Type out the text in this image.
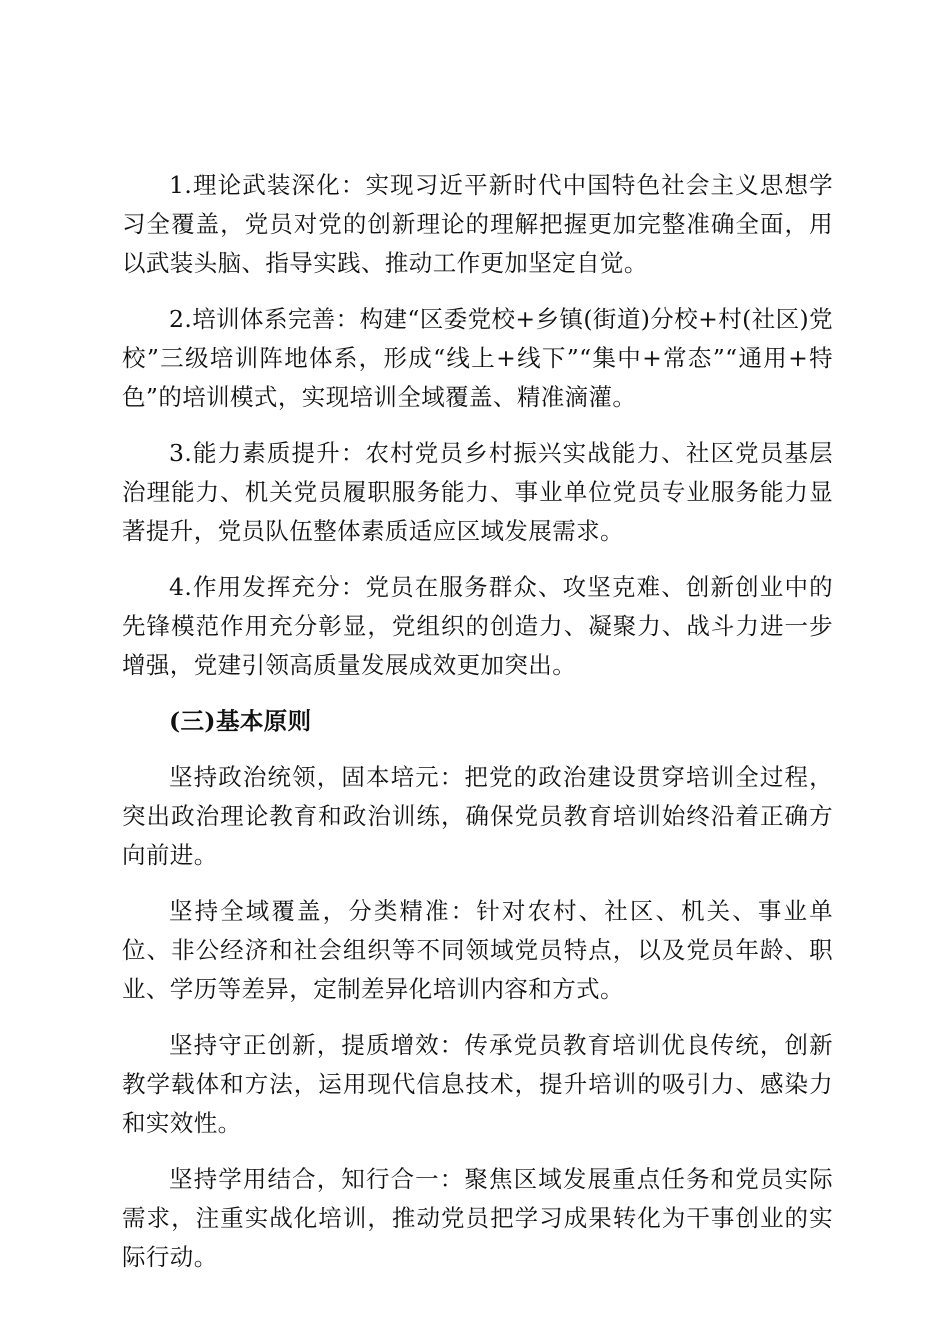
1.理论武装深化：实现习近平新时代中国特色社会主义思想学习全覆盖，党员对党的创新理论的理解把握更加完整准确全面，用以武装头脑、指导实践、推动工作更加坚定自觉。

2.培训体系完善：构建“区委党校+乡镇(街道)分校+村(社区)党校”三级培训阵地体系，形成“线上+线下”“集中+常态”“通用+特色”的培训模式，实现培训全域覆盖、精准滴灌。

3.能力素质提升：农村党员乡村振兴实战能力、社区党员基层治理能力、机关党员履职服务能力、事业单位党员专业服务能力显著提升，党员队伍整体素质适应区域发展需求。

4.作用发挥充分：党员在服务群众、攻坚克难、创新创业中的先锋模范作用充分彰显，党组织的创造力、凝聚力、战斗力进一步增强，党建引领高质量发展成效更加突出。

(三)基本原则

坚持政治统领，固本培元：把党的政治建设贯穿培训全过程，突出政治理论教育和政治训练，确保党员教育培训始终沿着正确方向前进。

坚持全域覆盖，分类精准：针对农村、社区、机关、事业单位、非公经济和社会组织等不同领域党员特点，以及党员年龄、职业、学历等差异，定制差异化培训内容和方式。

坚持守正创新，提质增效：传承党员教育培训优良传统，创新教学载体和方法，运用现代信息技术，提升培训的吸引力、感染力和实效性。

坚持学用结合，知行合一：聚焦区域发展重点任务和党员实际需求，注重实战化培训，推动党员把学习成果转化为干事创业的实际行动。
